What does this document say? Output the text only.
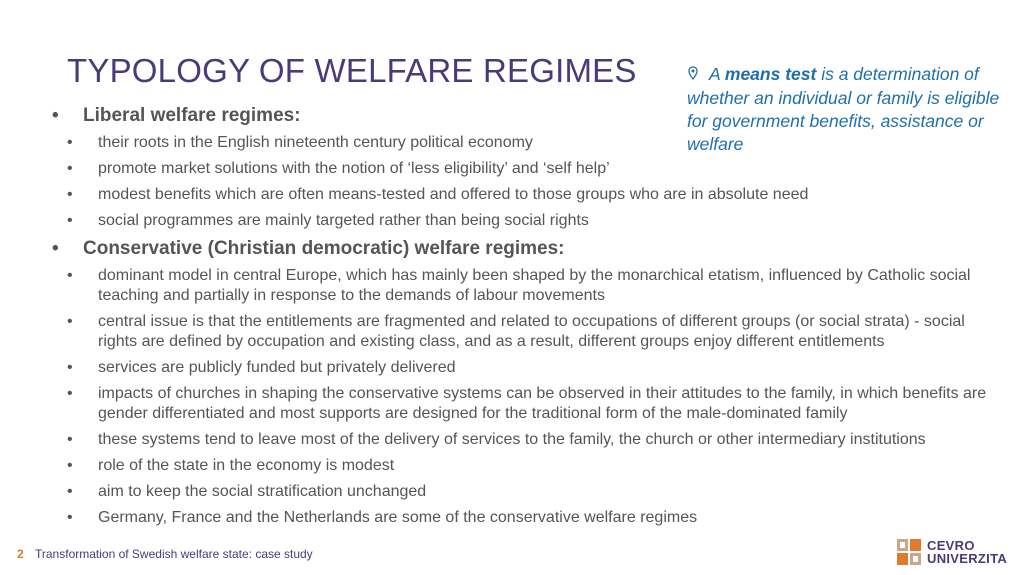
TYPOLOGY OF WELFARE REGIMES	A means test is a determination of whether an individual or family is eligible for government benefits, assistance or welfare
• Liberal welfare regimes:
• their roots in the English nineteenth century political economy
• promote market solutions with the notion of ‘less eligibility’ and ‘self help’
• modest benefits which are often means-tested and offered to those groups who are in absolute need
• social programmes are mainly targeted rather than being social rights
• Conservative (Christian democratic) welfare regimes:
• dominant model in central Europe, which has mainly been shaped by the monarchical etatism, influenced by Catholic social teaching and partially in response to the demands of labour movements
• central issue is that the entitlements are fragmented and related to occupations of different groups (or social strata) - social rights are defined by occupation and existing class, and as a result, different groups enjoy different entitlements
• services are publicly funded but privately delivered
• impacts of churches in shaping the conservative systems can be observed in their attitudes to the family, in which benefits are gender differentiated and most supports are designed for the traditional form of the male-dominated family
• these systems tend to leave most of the delivery of services to the family, the church or other intermediary institutions
• role of the state in the economy is modest
• aim to keep the social stratification unchanged
• Germany, France and the Netherlands are some of the conservative welfare regimes
2 Transformation of Swedish welfare state: case study
CEVRO
UNIVERZITA
